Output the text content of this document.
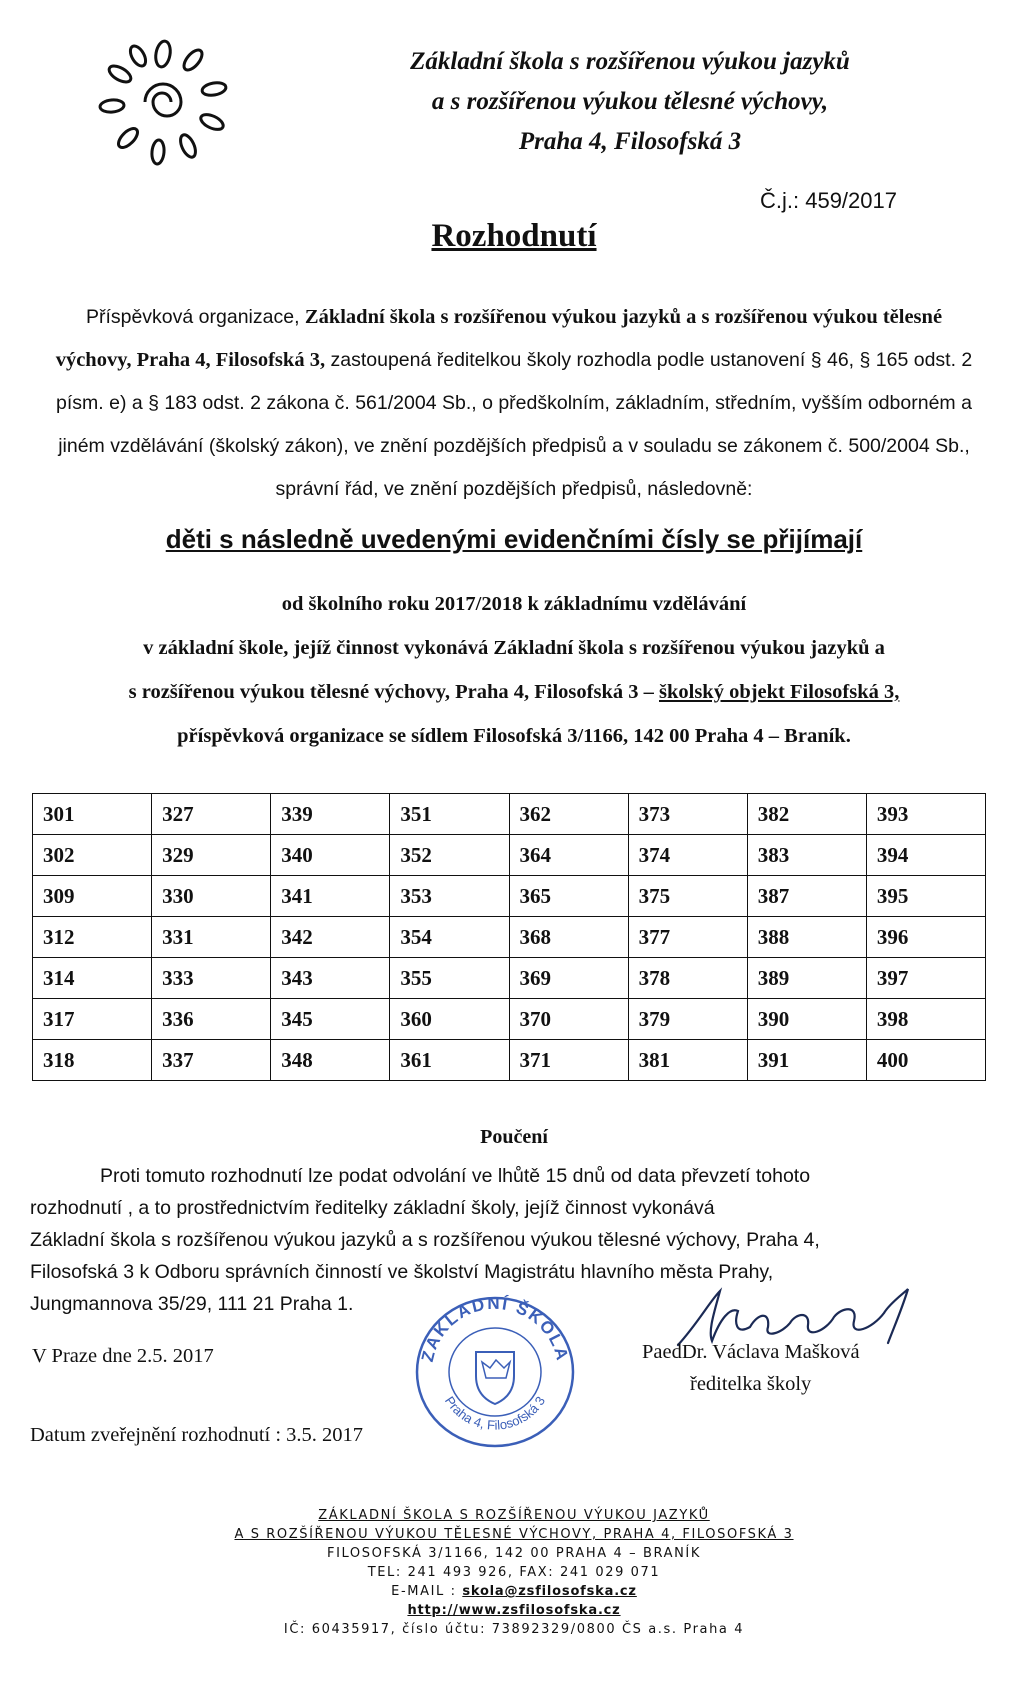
Základní škola s rozšířenou výukou jazyků
a s rozšířenou výukou tělesné výchovy,
Praha 4, Filosofská 3
Č.j.: 459/2017
Rozhodnutí
Příspěvková organizace, Základní škola s rozšířenou výukou jazyků a s rozšířenou výukou tělesné výchovy, Praha 4, Filosofská 3, zastoupená ředitelkou školy rozhodla podle ustanovení § 46, § 165 odst. 2 písm. e) a § 183 odst. 2 zákona č. 561/2004 Sb., o předškolním, základním, středním, vyšším odborném a jiném vzdělávání (školský zákon), ve znění pozdějších předpisů a v souladu se zákonem č. 500/2004 Sb., správní řád, ve znění pozdějších předpisů, následovně:
děti s následně uvedenými evidenčními čísly se přijímají
od školního roku 2017/2018 k základnímu vzdělávání
v základní škole, jejíž činnost vykonává Základní škola s rozšířenou výukou jazyků a
s rozšířenou výukou tělesné výchovy, Praha 4, Filosofská 3 – školský objekt Filosofská 3,
příspěvková organizace se sídlem Filosofská 3/1166, 142 00 Praha 4 – Braník.
301	327	339	351	362	373	382	393
302	329	340	352	364	374	383	394
309	330	341	353	365	375	387	395
312	331	342	354	368	377	388	396
314	333	343	355	369	378	389	397
317	336	345	360	370	379	390	398
318	337	348	361	371	381	391	400
Poučení
Proti tomuto rozhodnutí lze podat odvolání ve lhůtě 15 dnů od data převzetí tohoto
rozhodnutí , a to prostřednictvím ředitelky základní školy, jejíž činnost vykonává
Základní škola s rozšířenou výukou jazyků a s rozšířenou výukou tělesné výchovy, Praha 4,
Filosofská 3 k Odboru správních činností ve školství Magistrátu hlavního města Prahy,
Jungmannova 35/29, 111 21 Praha 1.
V Praze dne 2.5. 2017
Datum zveřejnění rozhodnutí : 3.5. 2017
ZÁKLADNÍ ŠKOLA
Praha 4, Filosofská 3
PaedDr. Václava Mašková
ředitelka školy
ZÁKLADNÍ ŠKOLA S ROZŠÍŘENOU VÝUKOU JAZYKŮ
A S ROZŠÍŘENOU VÝUKOU TĚLESNÉ VÝCHOVY, PRAHA 4, FILOSOFSKÁ 3
FILOSOFSKÁ 3/1166, 142 00 PRAHA 4 – BRANÍK
TEL: 241 493 926, FAX: 241 029 071
E-MAIL : skola@zsfilosofska.cz
http://www.zsfilosofska.cz
IČ: 60435917, číslo účtu: 73892329/0800 ČS a.s. Praha 4
